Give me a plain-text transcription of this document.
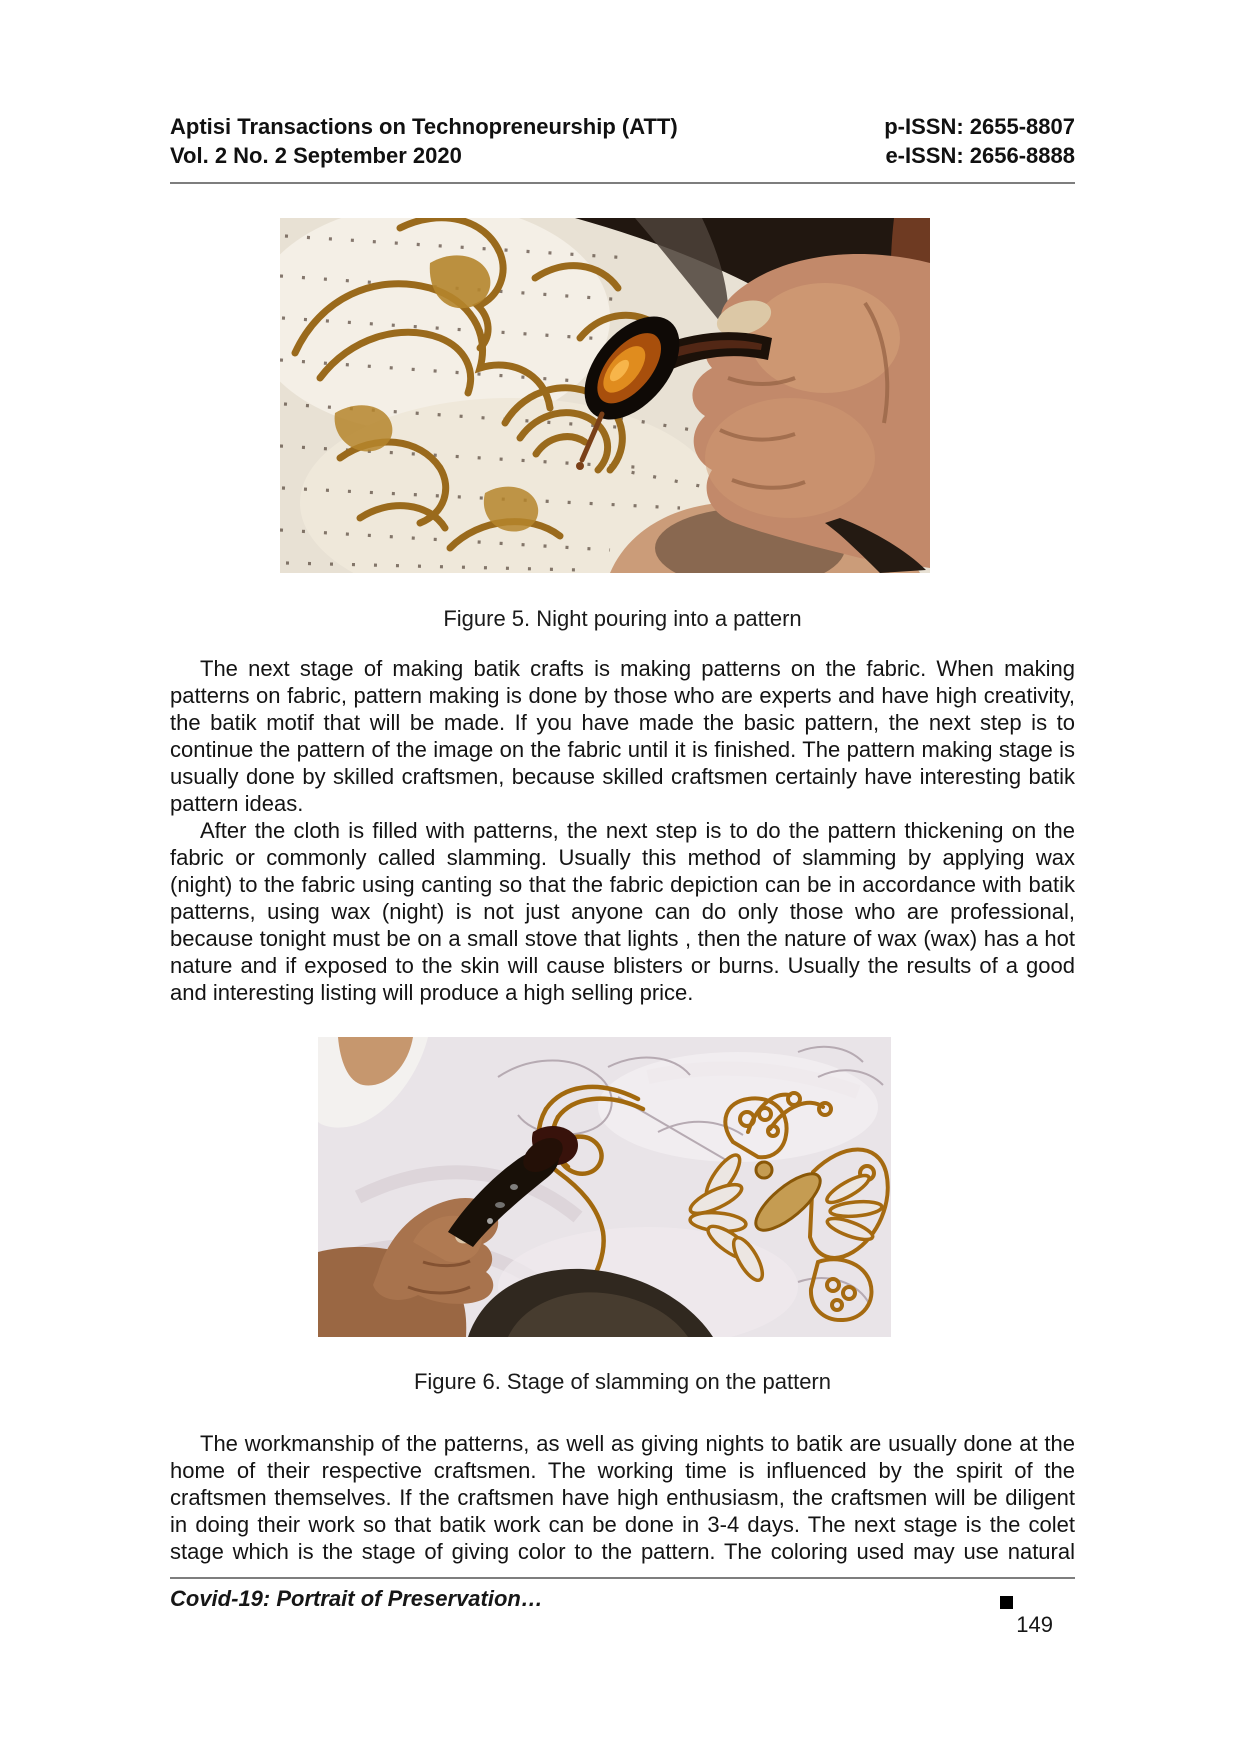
Aptisi Transactions on Technopreneurship (ATT)
Vol. 2 No. 2 September 2020
p-ISSN: 2655-8807
e-ISSN: 2656-8888
Figure 5. Night pouring into a pattern

The next stage of making batik crafts is making patterns on the fabric. When making patterns on fabric, pattern making is done by those who are experts and have high creativity, the batik motif that will be made. If you have made the basic pattern, the next step is to continue the pattern of the image on the fabric until it is finished. The pattern making stage is usually done by skilled craftsmen, because skilled craftsmen certainly have interesting batik pattern ideas.

After the cloth is filled with patterns, the next step is to do the pattern thickening on the fabric or commonly called slamming. Usually this method of slamming by applying wax (night) to the fabric using canting so that the fabric depiction can be in accordance with batik patterns, using wax (night) is not just anyone can do only those who are professional, because tonight must be on a small stove that lights , then the nature of wax (wax) has a hot nature and if exposed to the skin will cause blisters or burns. Usually the results of a good and interesting listing will produce a high selling price.

Figure 6. Stage of slamming on the pattern

The workmanship of the patterns, as well as giving nights to batik are usually done at the home of their respective craftsmen. The working time is influenced by the spirit of the craftsmen themselves. If the craftsmen have high enthusiasm, the craftsmen will be diligent in doing their work so that batik work can be done in 3-4 days. The next stage is the colet stage which is the stage of giving color to the pattern. The coloring used may use natural

Covid-19: Portrait of Preservation…
149
